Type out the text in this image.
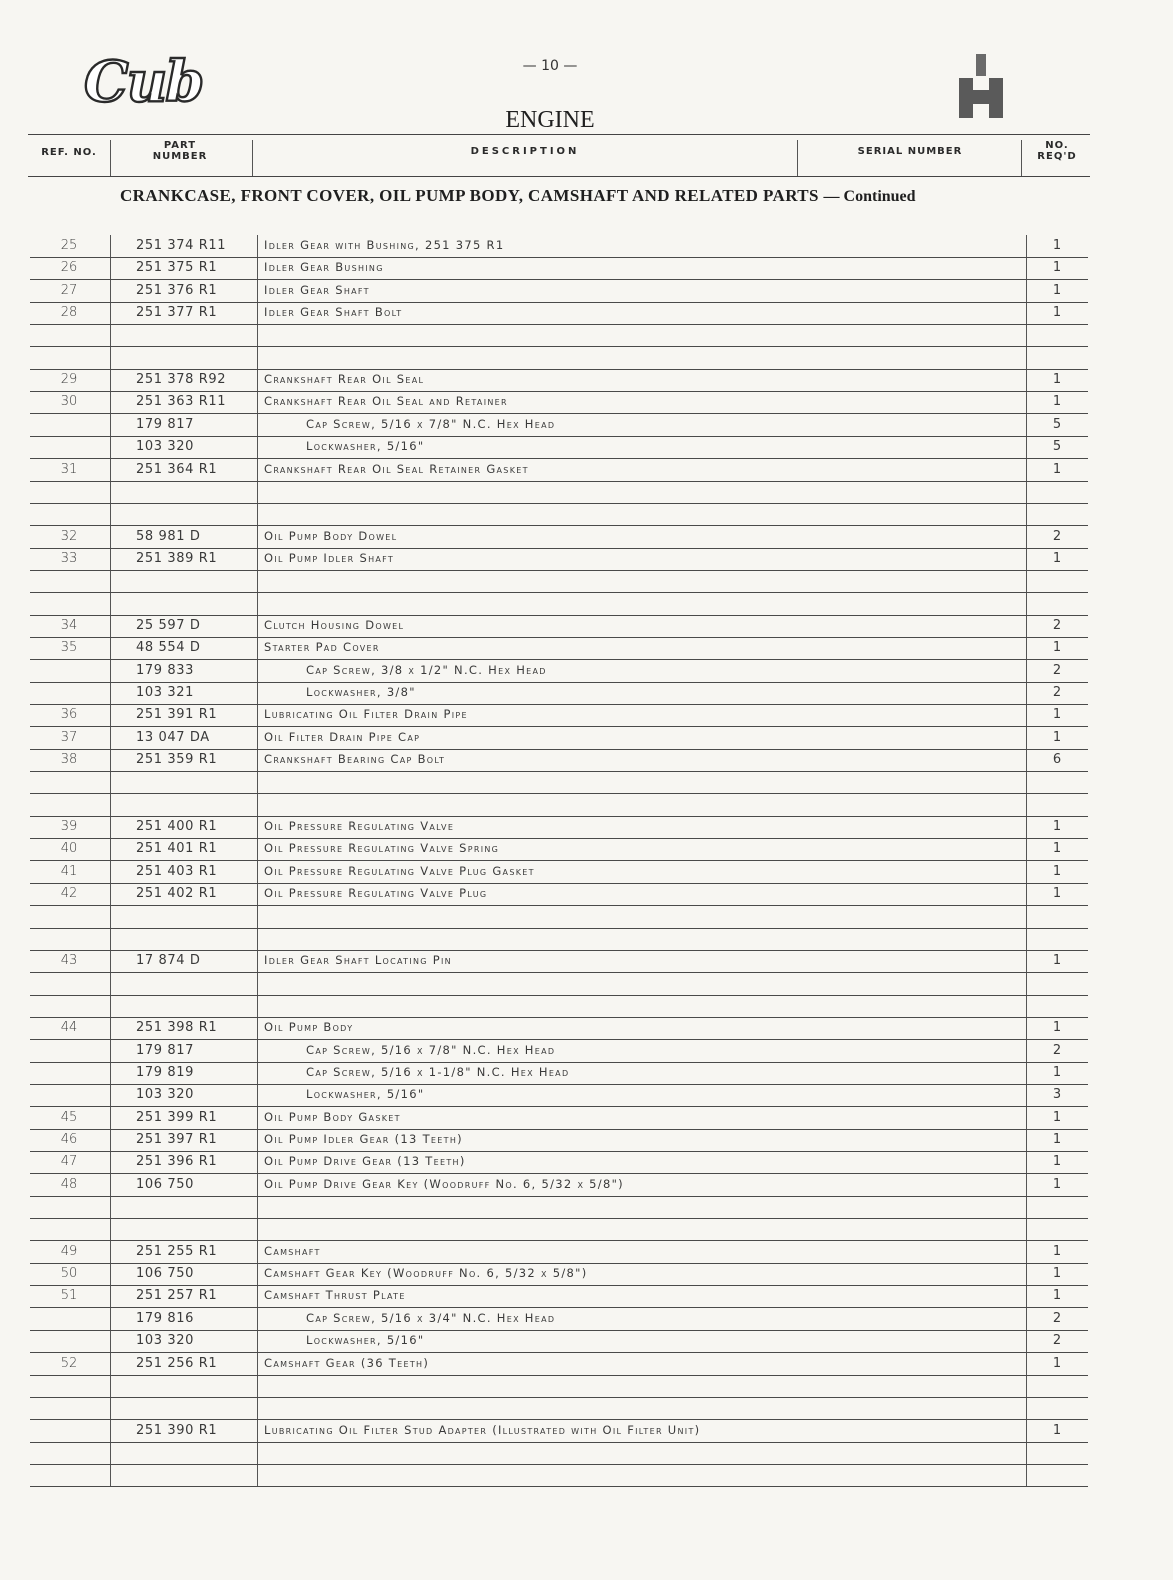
Cub	— 10 —
ENGINE
REF. NO.
PART NUMBER	DESCRIPTION	SERIAL NUMBER
NO. REQ'D
CRANKCASE, FRONT COVER, OIL PUMP BODY, CAMSHAFT AND RELATED PARTS — Continued
25	251 374 R11	Idler Gear with Bushing, 251 375 R1	1
26	251 375 R1	Idler Gear Bushing	1
27	251 376 R1	Idler Gear Shaft	1
28	251 377 R1	Idler Gear Shaft Bolt	1
29	251 378 R92	Crankshaft Rear Oil Seal	1
30	251 363 R11	Crankshaft Rear Oil Seal and Retainer	1
179 817	Cap Screw, 5/16 x 7/8" N.C. Hex Head	5
103 320	Lockwasher, 5/16"	5
31	251 364 R1	Crankshaft Rear Oil Seal Retainer Gasket	1
32	58 981 D	Oil Pump Body Dowel	2
33	251 389 R1	Oil Pump Idler Shaft	1
34	25 597 D	Clutch Housing Dowel	2
35	48 554 D	Starter Pad Cover	1
179 833	Cap Screw, 3/8 x 1/2" N.C. Hex Head	2
103 321	Lockwasher, 3/8"	2
36	251 391 R1	Lubricating Oil Filter Drain Pipe	1
37	13 047 DA	Oil Filter Drain Pipe Cap	1
38	251 359 R1	Crankshaft Bearing Cap Bolt	6
39	251 400 R1	Oil Pressure Regulating Valve	1
40	251 401 R1	Oil Pressure Regulating Valve Spring	1
41	251 403 R1	Oil Pressure Regulating Valve Plug Gasket	1
42	251 402 R1	Oil Pressure Regulating Valve Plug	1
43	17 874 D	Idler Gear Shaft Locating Pin	1
44	251 398 R1	Oil Pump Body	1
179 817	Cap Screw, 5/16 x 7/8" N.C. Hex Head	2
179 819	Cap Screw, 5/16 x 1-1/8" N.C. Hex Head	1
103 320	Lockwasher, 5/16"	3
45	251 399 R1	Oil Pump Body Gasket	1
46	251 397 R1	Oil Pump Idler Gear (13 Teeth)	1
47	251 396 R1	Oil Pump Drive Gear (13 Teeth)	1
48	106 750	Oil Pump Drive Gear Key (Woodruff No. 6, 5/32 x 5/8")	1
49	251 255 R1	Camshaft	1
50	106 750	Camshaft Gear Key (Woodruff No. 6, 5/32 x 5/8")	1
51	251 257 R1	Camshaft Thrust Plate	1
179 816	Cap Screw, 5/16 x 3/4" N.C. Hex Head	2
103 320	Lockwasher, 5/16"	2
52	251 256 R1	Camshaft Gear (36 Teeth)	1
251 390 R1	Lubricating Oil Filter Stud Adapter (Illustrated with Oil Filter Unit)	1
